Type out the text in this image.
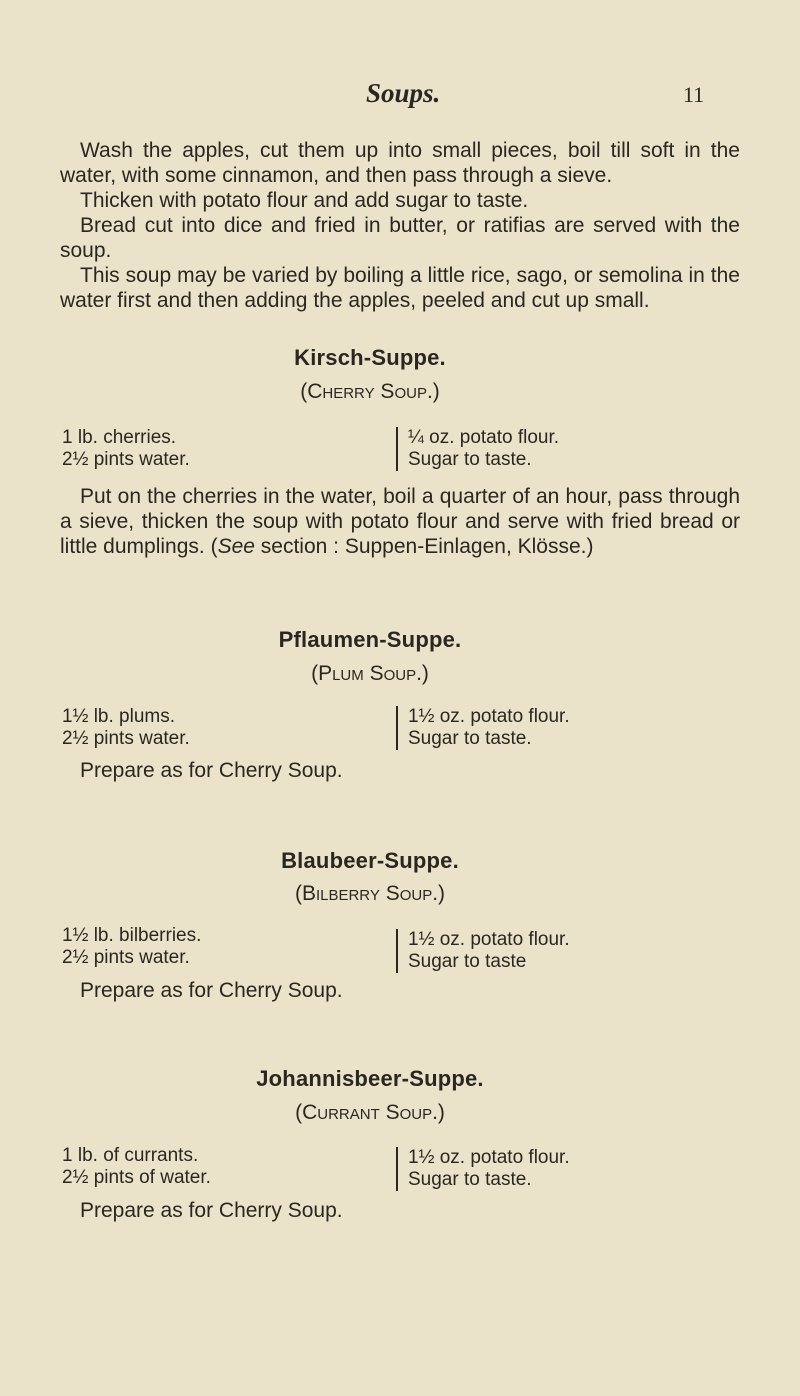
Soups.	11

Wash the apples, cut them up into small pieces, boil till soft in the water, with some cinnamon, and then pass through a sieve.

Thicken with potato flour and add sugar to taste.

Bread cut into dice and fried in butter, or ratifias are served with the soup.

This soup may be varied by boiling a little rice, sago, or semolina in the water first and then adding the apples, peeled and cut up small.

Kirsch-Suppe.
(Cherry Soup.)
1 lb. cherries.
2½ pints water.
¼ oz. potato flour.
Sugar to taste.
Put on the cherries in the water, boil a quarter of an hour, pass through a sieve, thicken the soup with potato flour and serve with fried bread or little dumplings. (See section : Suppen-Einlagen, Klösse.)
Pflaumen-Suppe.
(Plum Soup.)
1½ lb. plums.
2½ pints water.
1½ oz. potato flour.
Sugar to taste.
Prepare as for Cherry Soup.
Blaubeer-Suppe.
(Bilberry Soup.)
1½ lb. bilberries.
2½ pints water.
1½ oz. potato flour.
Sugar to taste
Prepare as for Cherry Soup.
Johannisbeer-Suppe.
(Currant Soup.)
1 lb. of currants.
2½ pints of water.
1½ oz. potato flour.
Sugar to taste.
Prepare as for Cherry Soup.
